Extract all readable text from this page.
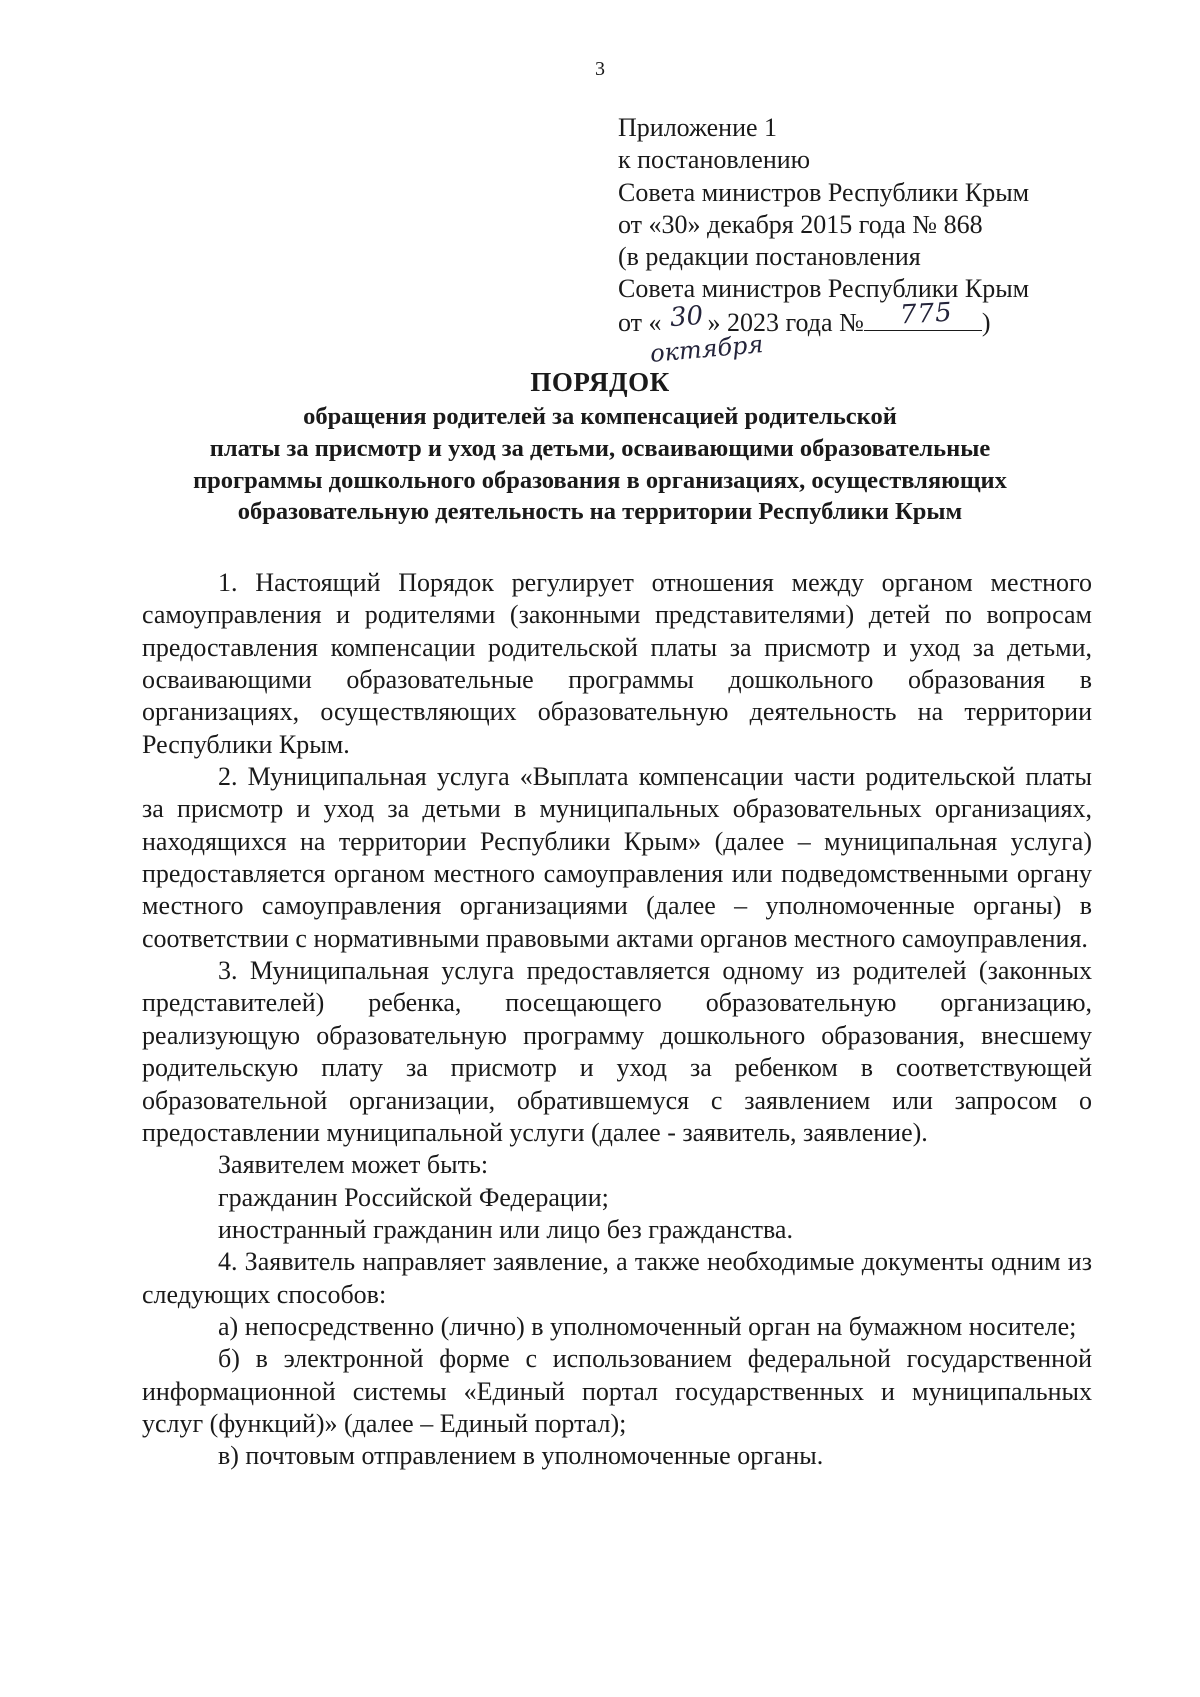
3
Приложение 1
к постановлению
Совета министров Республики Крым
от «30» декабря 2015 года № 868
(в редакции постановления
Совета министров Республики Крым
от « 30 » 2023 года № 775 )
октября
ПОРЯДОК
обращения родителей за компенсацией родительской
платы за присмотр и уход за детьми, осваивающими образовательные
программы дошкольного образования в организациях, осуществляющих
образовательную деятельность на территории Республики Крым

1. Настоящий Порядок регулирует отношения между органом местного самоуправления и родителями (законными представителями) детей по вопросам предоставления компенсации родительской платы за присмотр и уход за детьми, осваивающими образовательные программы дошкольного образования в организациях, осуществляющих образовательную деятельность на территории Республики Крым.

2. Муниципальная услуга «Выплата компенсации части родительской платы за присмотр и уход за детьми в муниципальных образовательных организациях, находящихся на территории Республики Крым» (далее – муниципальная услуга) предоставляется органом местного самоуправления или подведомственными органу местного самоуправления организациями (далее – уполномоченные органы) в соответствии с нормативными правовыми актами органов местного самоуправления.

3. Муниципальная услуга предоставляется одному из родителей (законных представителей) ребенка, посещающего образовательную организацию, реализующую образовательную программу дошкольного образования, внесшему родительскую плату за присмотр и уход за ребенком в соответствующей образовательной организации, обратившемуся с заявлением или запросом о предоставлении муниципальной услуги (далее - заявитель, заявление).

Заявителем может быть:

гражданин Российской Федерации;

иностранный гражданин или лицо без гражданства.

4. Заявитель направляет заявление, а также необходимые документы одним из следующих способов:

а) непосредственно (лично) в уполномоченный орган на бумажном носителе;

б) в электронной форме с использованием федеральной государственной информационной системы «Единый портал государственных и муниципальных услуг (функций)» (далее – Единый портал);

в) почтовым отправлением в уполномоченные органы.
